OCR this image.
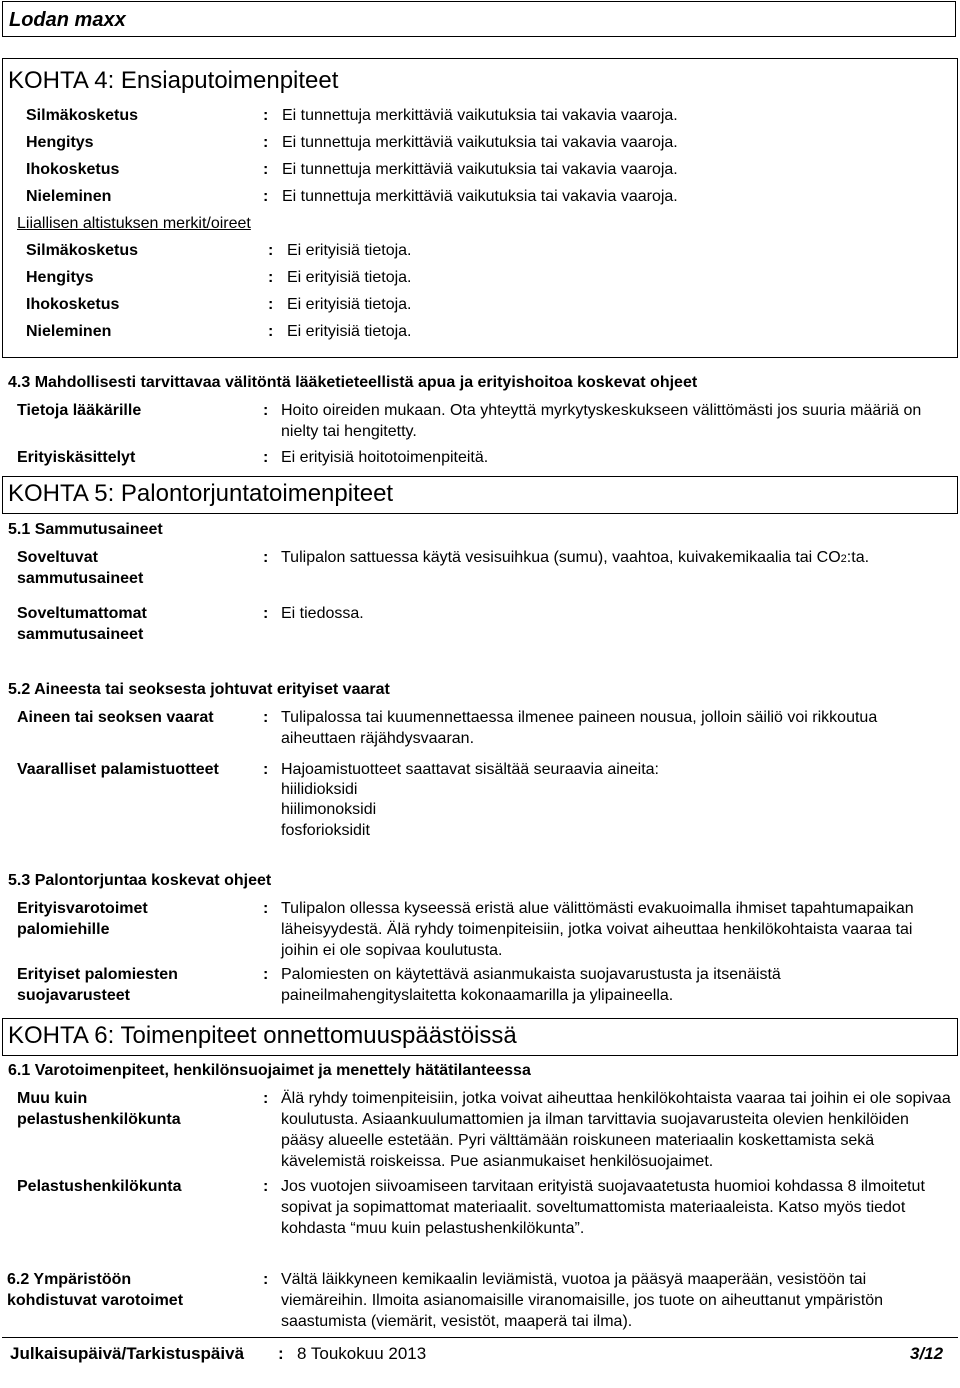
Lodan maxx
KOHTA 4: Ensiaputoimenpiteet
Silmäkosketus	: Ei tunnettuja merkittäviä vaikutuksia tai vakavia vaaroja.
Hengitys	: Ei tunnettuja merkittäviä vaikutuksia tai vakavia vaaroja.
Ihokosketus	: Ei tunnettuja merkittäviä vaikutuksia tai vakavia vaaroja.
Nieleminen	: Ei tunnettuja merkittäviä vaikutuksia tai vakavia vaaroja.
Liiallisen altistuksen merkit/oireet
Silmäkosketus	: Ei erityisiä tietoja.
Hengitys	: Ei erityisiä tietoja.
Ihokosketus	: Ei erityisiä tietoja.
Nieleminen	: Ei erityisiä tietoja.
4.3 Mahdollisesti tarvittavaa välitöntä lääketieteellistä apua ja erityishoitoa koskevat ohjeet
Tietoja lääkärille	: Hoito oireiden mukaan. Ota yhteyttä myrkytyskeskukseen välittömästi jos suuria määriä on nielty tai hengitetty.
Erityiskäsittelyt	: Ei erityisiä hoitotoimenpiteitä.
KOHTA 5: Palontorjuntatoimenpiteet
5.1 Sammutusaineet
Soveltuvat sammutusaineet
: Tulipalon sattuessa käytä vesisuihkua (sumu), vaahtoa, kuivakemikaalia tai CO2:ta.
Soveltumattomat sammutusaineet
: Ei tiedossa.
5.2 Aineesta tai seoksesta johtuvat erityiset vaarat
Aineen tai seoksen vaarat	: Tulipalossa tai kuumennettaessa ilmenee paineen nousua, jolloin säiliö voi rikkoutua aiheuttaen räjähdysvaaran.
Vaaralliset palamistuotteet	: Hajoamistuotteet saattavat sisältää seuraavia aineita:
hiilidioksidi
hiilimonoksidi
fosforioksidit
5.3 Palontorjuntaa koskevat ohjeet
Erityisvarotoimet palomiehille
: Tulipalon ollessa kyseessä eristä alue välittömästi evakuoimalla ihmiset tapahtumapaikan läheisyydestä. Älä ryhdy toimenpiteisiin, jotka voivat aiheuttaa henkilökohtaista vaaraa tai joihin ei ole sopivaa koulutusta.
Erityiset palomiesten suojavarusteet
: Palomiesten on käytettävä asianmukaista suojavarustusta ja itsenäistä paineilmahengityslaitetta kokonaamarilla ja ylipaineella.
KOHTA 6: Toimenpiteet onnettomuuspäästöissä
6.1 Varotoimenpiteet, henkilönsuojaimet ja menettely hätätilanteessa
Muu kuin pelastushenkilökunta
: Älä ryhdy toimenpiteisiin, jotka voivat aiheuttaa henkilökohtaista vaaraa tai joihin ei ole sopivaa koulutusta. Asiaankuulumattomien ja ilman tarvittavia suojavarusteita olevien henkilöiden pääsy alueelle estetään. Pyri välttämään roiskuneen materiaalin koskettamista sekä kävelemistä roiskeissa. Pue asianmukaiset henkilösuojaimet.
Pelastushenkilökunta	: Jos vuotojen siivoamiseen tarvitaan erityistä suojavaatetusta huomioi kohdassa 8 ilmoitetut sopivat ja sopimattomat materiaalit. soveltumattomista materiaaleista. Katso myös tiedot kohdasta “muu kuin pelastushenkilökunta”.
6.2 Ympäristöön kohdistuvat varotoimet
: Vältä läikkyneen kemikaalin leviämistä, vuotoa ja pääsyä maaperään, vesistöön tai viemäreihin. Ilmoita asianomaisille viranomaisille, jos tuote on aiheuttanut ympäristön saastumista (viemärit, vesistöt, maaperä tai ilma).
Julkaisupäivä/Tarkistuspäivä : 8 Toukokuu 2013	3/12
